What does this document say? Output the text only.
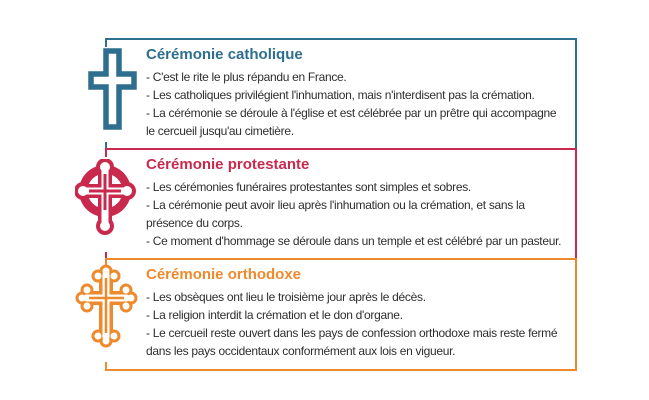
Cérémonie catholique

- C'est le rite le plus répandu en France.

- Les catholiques privilégient l'inhumation, mais n'interdisent pas la crémation.

- La cérémonie se déroule à l'église et est célébrée par un prêtre qui accompagne le cercueil jusqu'au cimetière.

Cérémonie protestante

- Les cérémonies funéraires protestantes sont simples et sobres.

- La cérémonie peut avoir lieu après l'inhumation ou la crémation, et sans la présence du corps.

- Ce moment d'hommage se déroule dans un temple et est célébré par un pasteur.

Cérémonie orthodoxe

- Les obsèques ont lieu le troisième jour après le décès.

- La religion interdit la crémation et le don d'organe.

- Le cercueil reste ouvert dans les pays de confession orthodoxe mais reste fermé dans les pays occidentaux conformément aux lois en vigueur.
